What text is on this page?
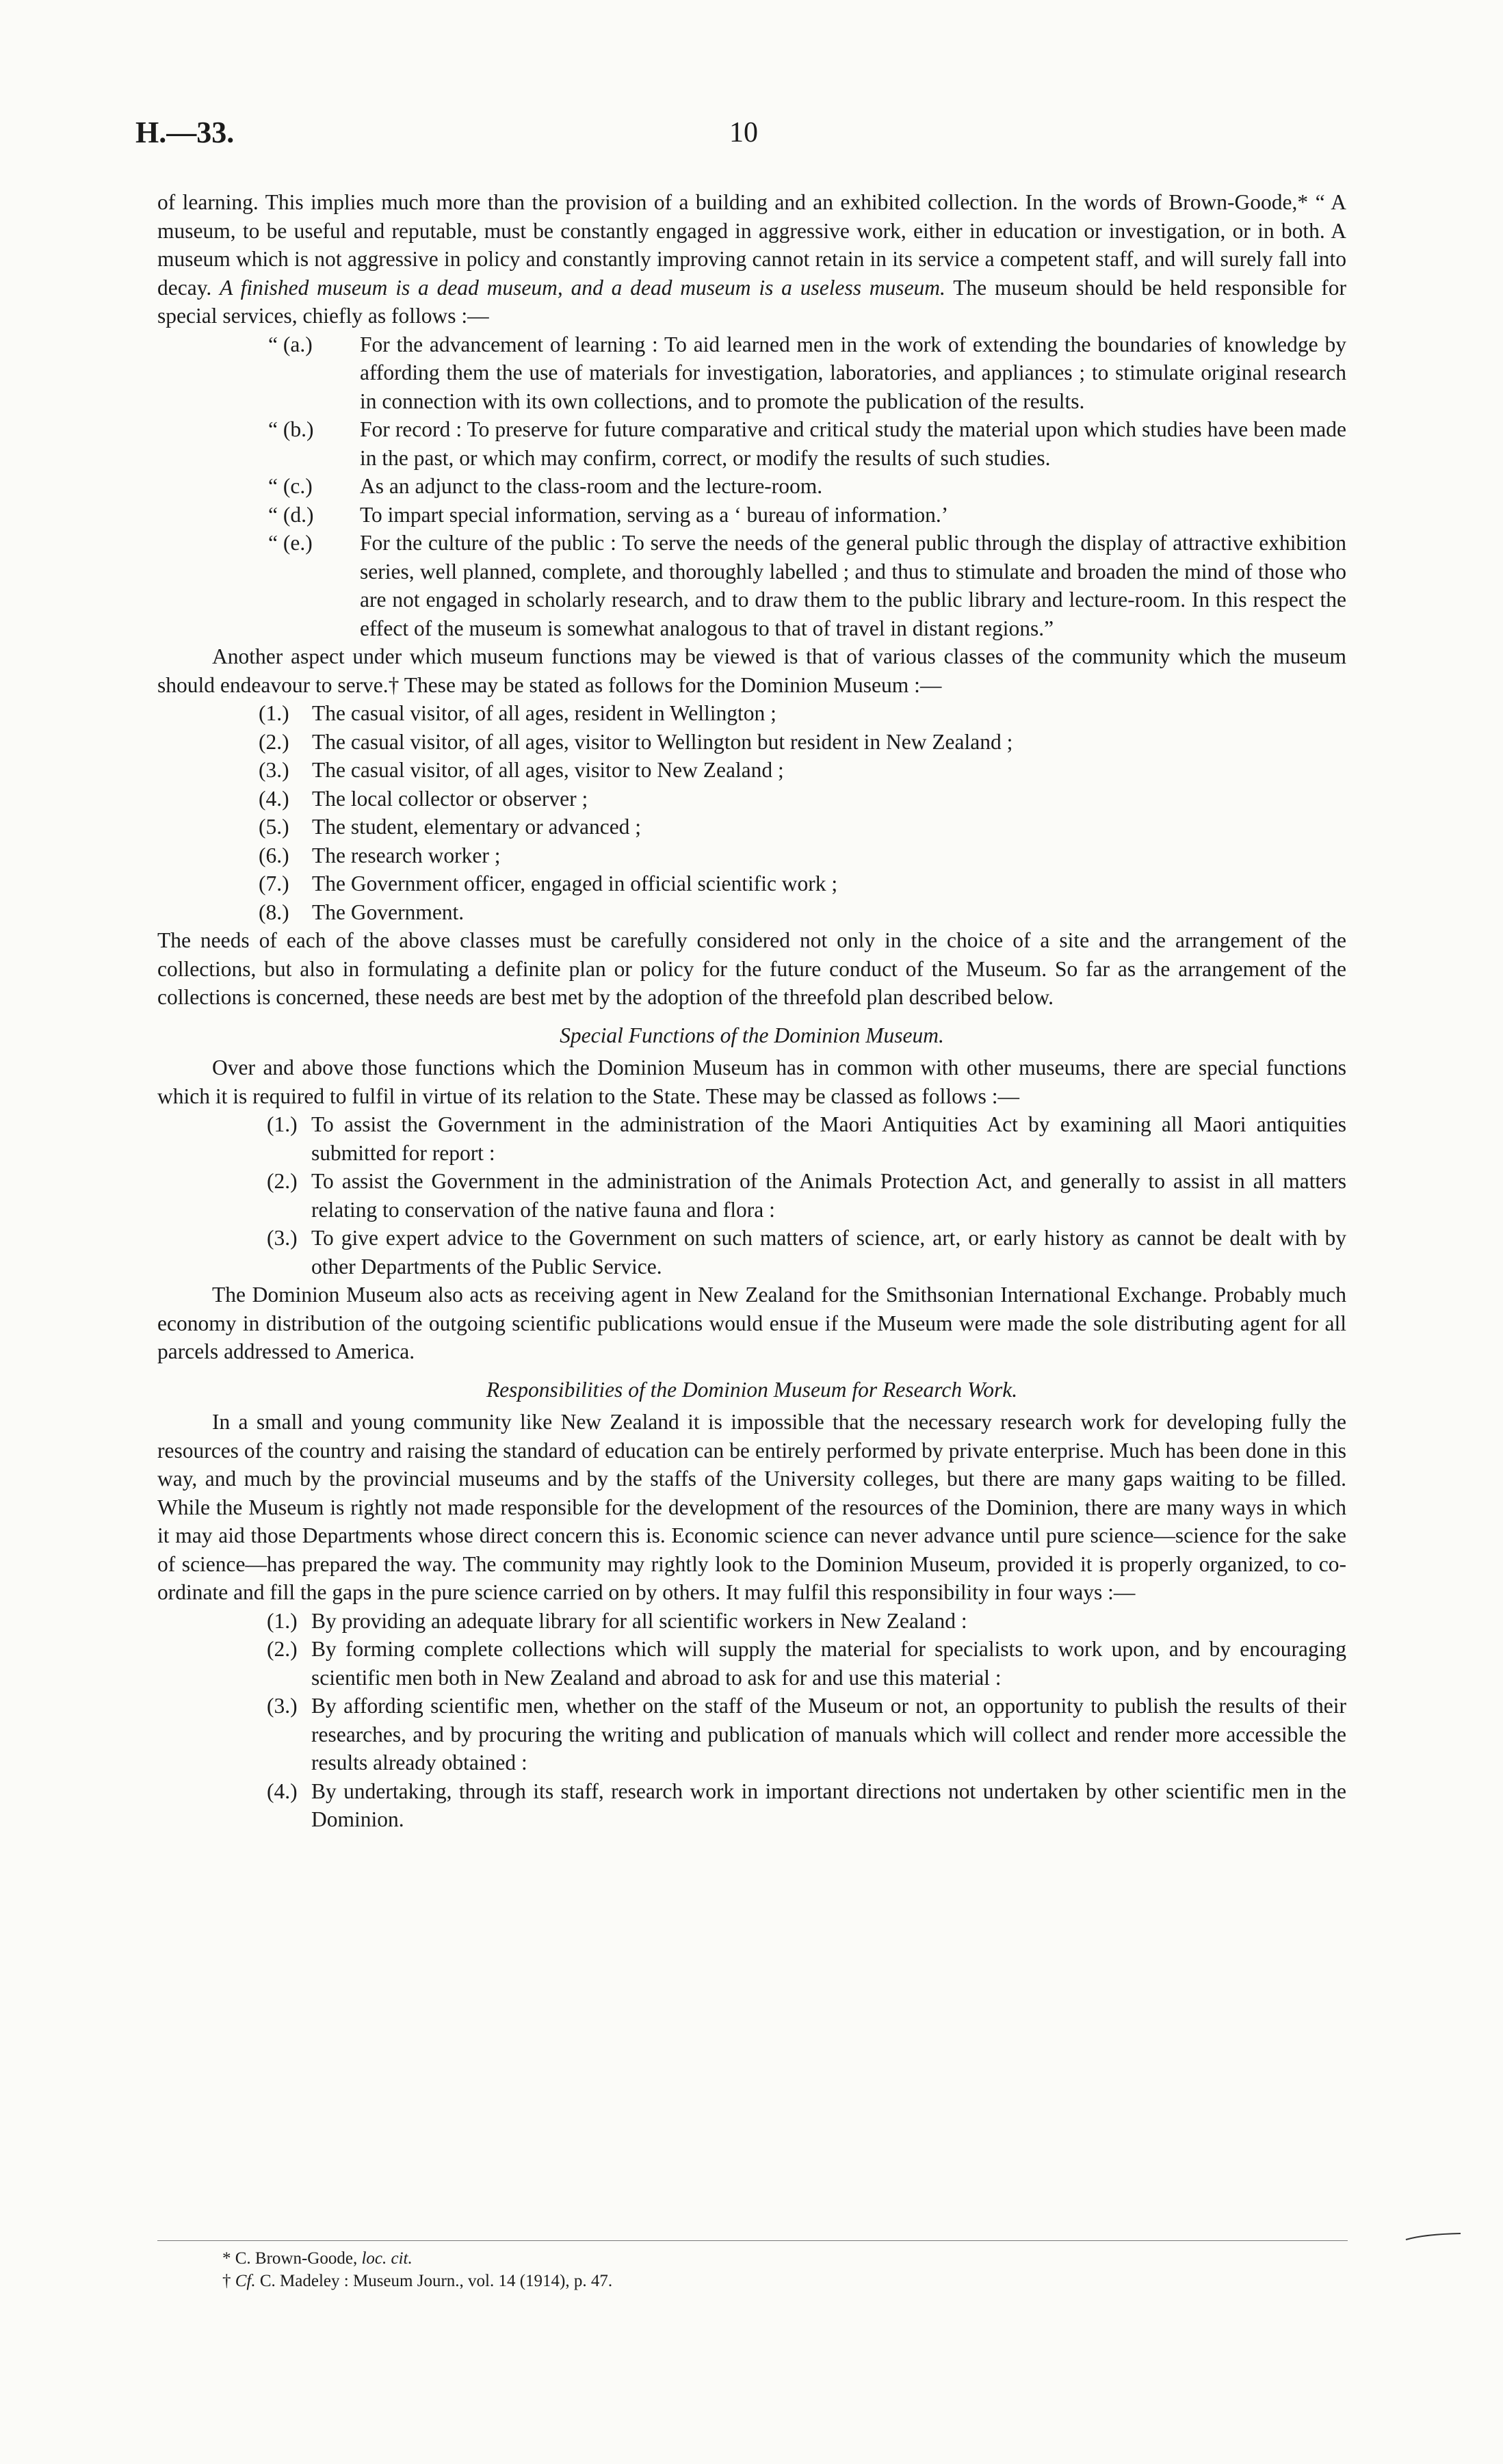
H.—33.	10

of learning. This implies much more than the provision of a building and an exhibited collection. In the words of Brown-Goode,* “ A museum, to be useful and reputable, must be constantly engaged in aggressive work, either in education or investigation, or in both. A museum which is not aggressive in policy and constantly improving cannot retain in its service a competent staff, and will surely fall into decay. A finished museum is a dead museum, and a dead museum is a useless museum. The museum should be held responsible for special services, chiefly as follows :—

“ (a.) For the advancement of learning : To aid learned men in the work of extending the boundaries of knowledge by affording them the use of materials for investigation, laboratories, and appliances ; to stimulate original research in connection with its own collections, and to promote the publication of the results.
“ (b.) For record : To preserve for future comparative and critical study the material upon which studies have been made in the past, or which may confirm, correct, or modify the results of such studies.
“ (c.) As an adjunct to the class-room and the lecture-room.
“ (d.) To impart special information, serving as a ‘ bureau of information.’
“ (e.) For the culture of the public : To serve the needs of the general public through the display of attractive exhibition series, well planned, complete, and thoroughly labelled ; and thus to stimulate and broaden the mind of those who are not engaged in scholarly research, and to draw them to the public library and lecture-room. In this respect the effect of the museum is somewhat analogous to that of travel in distant regions.”

Another aspect under which museum functions may be viewed is that of various classes of the community which the museum should endeavour to serve.† These may be stated as follows for the Dominion Museum :—

(1.) The casual visitor, of all ages, resident in Wellington ;
(2.) The casual visitor, of all ages, visitor to Wellington but resident in New Zealand ;
(3.) The casual visitor, of all ages, visitor to New Zealand ;
(4.) The local collector or observer ;
(5.) The student, elementary or advanced ;
(6.) The research worker ;
(7.) The Government officer, engaged in official scientific work ;
(8.) The Government.

The needs of each of the above classes must be carefully considered not only in the choice of a site and the arrangement of the collections, but also in formulating a definite plan or policy for the future conduct of the Museum. So far as the arrangement of the collections is concerned, these needs are best met by the adoption of the threefold plan described below.

Special Functions of the Dominion Museum.

Over and above those functions which the Dominion Museum has in common with other museums, there are special functions which it is required to fulfil in virtue of its relation to the State. These may be classed as follows :—

(1.) To assist the Government in the administration of the Maori Antiquities Act by examining all Maori antiquities submitted for report :
(2.) To assist the Government in the administration of the Animals Protection Act, and generally to assist in all matters relating to conservation of the native fauna and flora :
(3.) To give expert advice to the Government on such matters of science, art, or early history as cannot be dealt with by other Departments of the Public Service.

The Dominion Museum also acts as receiving agent in New Zealand for the Smithsonian International Exchange. Probably much economy in distribution of the outgoing scientific publications would ensue if the Museum were made the sole distributing agent for all parcels addressed to America.

Responsibilities of the Dominion Museum for Research Work.

In a small and young community like New Zealand it is impossible that the necessary research work for developing fully the resources of the country and raising the standard of education can be entirely performed by private enterprise. Much has been done in this way, and much by the provincial museums and by the staffs of the University colleges, but there are many gaps waiting to be filled. While the Museum is rightly not made responsible for the development of the resources of the Dominion, there are many ways in which it may aid those Departments whose direct concern this is. Economic science can never advance until pure science—science for the sake of science—has prepared the way. The community may rightly look to the Dominion Museum, provided it is properly organized, to co-ordinate and fill the gaps in the pure science carried on by others. It may fulfil this responsibility in four ways :—

(1.) By providing an adequate library for all scientific workers in New Zealand :
(2.) By forming complete collections which will supply the material for specialists to work upon, and by encouraging scientific men both in New Zealand and abroad to ask for and use this material :
(3.) By affording scientific men, whether on the staff of the Museum or not, an opportunity to publish the results of their researches, and by procuring the writing and publication of manuals which will collect and render more accessible the results already obtained :
(4.) By undertaking, through its staff, research work in important directions not undertaken by other scientific men in the Dominion.
* C. Brown-Goode, loc. cit.
† Cf. C. Madeley : Museum Journ., vol. 14 (1914), p. 47.
